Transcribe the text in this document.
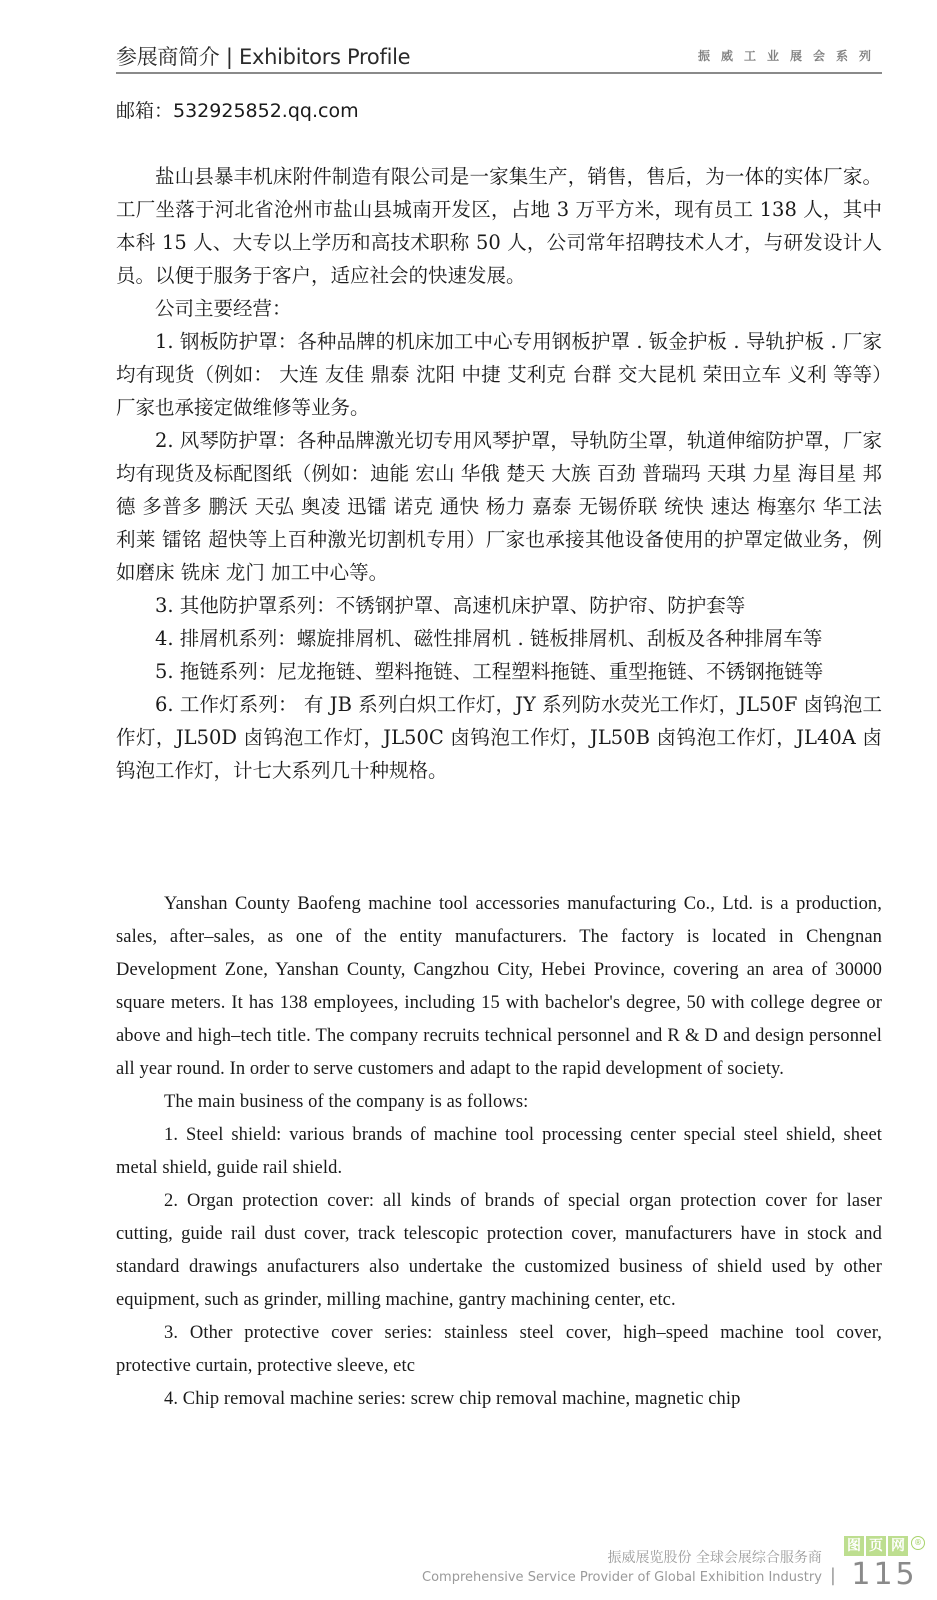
参展商简介 | Exhibitors Profile	振威工业展会系列
邮箱：532925852.qq.com

盐山县暴丰机床附件制造有限公司是一家集生产，销售，售后，为一体的实体厂家。工厂坐落于河北省沧州市盐山县城南开发区，占地 3 万平方米，现有员工 138 人，其中本科 15 人、大专以上学历和高技术职称 50 人，公司常年招聘技术人才，与研发设计人员。以便于服务于客户，适应社会的快速发展。

公司主要经营：

1. 钢板防护罩：各种品牌的机床加工中心专用钢板护罩 . 钣金护板 . 导轨护板 . 厂家均有现货（例如： 大连 友佳 鼎泰 沈阳 中捷 艾利克 台群 交大昆机 荣田立车 义利 等等）厂家也承接定做维修等业务。

2. 风琴防护罩：各种品牌激光切专用风琴护罩，导轨防尘罩，轨道伸缩防护罩，厂家均有现货及标配图纸（例如：迪能 宏山 华俄 楚天 大族 百劲 普瑞玛 天琪 力星 海目星 邦德 多普多 鹏沃 天弘 奥凌 迅镭 诺克 通快 杨力 嘉泰 无锡侨联 统快 速达 梅塞尔 华工法利莱 镭铭 超快等上百种激光切割机专用）厂家也承接其他设备使用的护罩定做业务，例如磨床 铣床 龙门 加工中心等。

3. 其他防护罩系列：不锈钢护罩、高速机床护罩、防护帘、防护套等

4. 排屑机系列：螺旋排屑机、磁性排屑机 . 链板排屑机、刮板及各种排屑车等

5. 拖链系列：尼龙拖链、塑料拖链、工程塑料拖链、重型拖链、不锈钢拖链等

6. 工作灯系列： 有 JB 系列白炽工作灯，JY 系列防水荧光工作灯，JL50F 卤钨泡工作灯，JL50D 卤钨泡工作灯，JL50C 卤钨泡工作灯，JL50B 卤钨泡工作灯，JL40A 卤钨泡工作灯，计七大系列几十种规格。

Yanshan County Baofeng machine tool accessories manufacturing Co., Ltd. is a production, sales, after–sales, as one of the entity manufacturers. The factory is located in Chengnan Development Zone, Yanshan County, Cangzhou City, Hebei Province, covering an area of 30000 square meters. It has 138 employees, including 15 with bachelor's degree, 50 with college degree or above and high–tech title. The company recruits technical personnel and R & D and design personnel all year round. In order to serve customers and adapt to the rapid development of society.

The main business of the company is as follows:

1. Steel shield: various brands of machine tool processing center special steel shield, sheet metal shield, guide rail shield.

2. Organ protection cover: all kinds of brands of special organ protection cover for laser cutting, guide rail dust cover, track telescopic protection cover, manufacturers have in stock and standard drawings anufacturers also undertake the customized business of shield used by other equipment, such as grinder, milling machine, gantry machining center, etc.

3. Other protective cover series: stainless steel cover, high–speed machine tool cover, protective curtain, protective sleeve, etc

4. Chip removal machine series: screw chip removal machine, magnetic chip

振威展览股份 全球会展综合服务商
Comprehensive Service Provider of Global Exhibition Industry |
图 页 网	®
115
